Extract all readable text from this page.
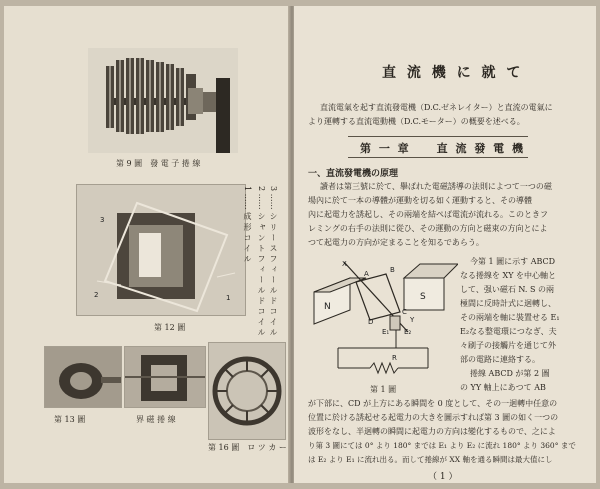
第 9 圖　發 電 子 捲 線
3
2	1
1 …… 成 形 コ イ ル 2 …… シ ャ ン ト フ ィ ー ル ド コ イ ル 3 …… シ リ ー ス フ ィ ー ル ド コ イ ル
第 12 圖
第 13 圖	界 磁 捲 線
第 16 圖　ロ ツ カ ー
直 流 機 に 就 て
直流電氣を起す直流發電機（D.C.ゼネレイター）と直流の電氣に
より運轉する直流電動機（D.C.モーター）の概要を述べる。
第 一 章　　直 流 發 電 機
一、直流發電機の原理
讀者は第三號に於て、擧ぱれた電磁誘導の法則によつて一つの磁
場內に於て一本の導體が運動を切る如く運動すると、その導體
內に起電力を誘起し、その兩端を結ぺば電流が流れる。このときフ
レミングの右手の法則に從ひ、その運動の方向と磁束の方向とによ
つて起電力の方向が定まることを知るであらう。
X
N
S
R
A	B
C
D
E₁ E₂
Y
第 1 圖
今第 1 圖に示す ABCD
なる捲線を XY を中心軸と
して、强い磁石 N. S の兩
極間に反時計式に迴轉し、
その兩端を軸に裝置せる E₁
E₂なる整電環につなぎ、夫
々刷子の接觸片を通じて外
部の電路に連絡する。
捲線 ABCD が第 2 圖
の YY 軸上にあつて AB
が下部に、CD が上方にある瞬間を 0 度として、その一迴轉中任意の
位置に於ける誘起せる起電力の大きを圖示すれば第 3 圖の如く一つの
波形をなし、半迴轉の瞬間に起電力の方向は變化するもので、之によ
り第 3 圖にては 0° より 180° までは E₁ より E₂ に流れ 180° より 360° まで
は E₂ より E₁ に流れ出る。而して捲線が XX 軸を通る瞬間は最大值にし
（ 1 ）
